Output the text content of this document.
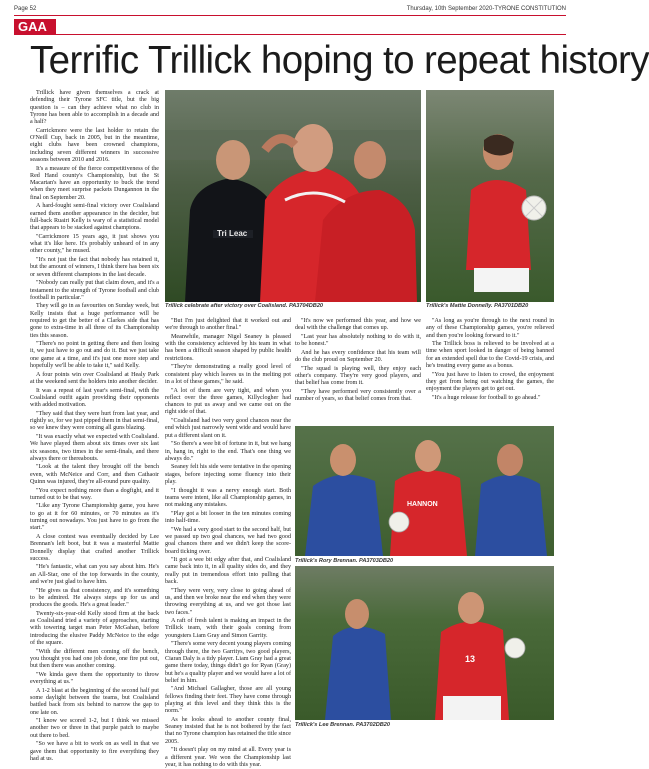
Page 52	Thursday, 10th September 2020-TYRONE CONSTITUTION
GAA
Terrific Trillick hoping to repeat history

Trillick have given themselves a crack at defending their Tyrone SFC title, but the big question is – can they achieve what no club in Tyrone has been able to accomplish in a decade and a half?

Carrickmore were the last holder to retain the O'Neill Cup, back in 2005, but in the meantime, eight clubs have been crowned champions, including seven different winners in successive seasons between 2010 and 2016.

It's a measure of the fierce competitiveness of the Red Hand county's Championship, but the St Macartan's have an opportunity to buck the trend when they meet surprise packets Dungannon in the final on September 20.

A hard-fought semi-final victory over Coalisland earned them another appearance in the decider, but full-back Ruairi Kelly is wary of a statistical model that appears to be stacked against champions.

"Carrickmore 15 years ago, it just shows you what it's like here. It's probably unheard of in any other county," he mused.

"It's not just the fact that nobody has retained it, but the amount of winners, I think there has been six or seven different champions in the last decade.

"Nobody can really put that claim down, and it's a testament to the strength of Tyrone football and club football in particular."

They will go in as favourites on Sunday week, but Kelly insists that a huge performance will be required to get the better of a Clarkes side that has gone to extra-time in all three of its Championship ties this season.

"There's no point in getting there and then losing it, we just have to go out and do it. But we just take one game at a time, and it's just one more step and hopefully we'll be able to take it," said Kelly.

A four points win over Coalisland at Healy Park at the weekend sent the holders into another decider.

It was a repeat of last year's semi-final, with the Coalisland outfit again providing their opponents with added motivation.

"They said that they were hurt from last year, and rightly so, for we just pipped them in that semi-final, so we knew they were coming all guns blazing.

"It was exactly what we expected with Coalisland. We have played them about six times over six last six seasons, two times in the semi-finals, and there always there or thereabouts.

"Look at the talent they brought off the bench even, with McNeice and Corr, and then Cathaoir Quinn was injured, they're all-round pure quality.

"You expect nothing more than a dogfight, and it turned out to be that way.

"Like any Tyrone Championship game, you have to go at it for 60 minutes, or 70 minutes as it's turning out nowadays. You just have to go from the start."

A close contest was eventually decided by Lee Brennan's left boot, but it was a masterful Mattie Donnelly display that crafted another Trillick success.

"He's fantastic, what can you say about him. He's an All-Star, one of the top forwards in the county, and we're just glad to have him.

"He gives us that consistency, and it's something to be admired. He always steps up for us and produces the goods. He's a great leader."

Twenty-six-year-old Kelly stood firm at the back as Coalisland tried a variety of approaches, starting with towering target man Peter McGahan, before introducing the elusive Paddy McNeice to the edge of the square.

"With the different men coming off the bench, you thought you had one job done, one fire put out, but then there was another coming.

"We kinda gave them the opportunity to throw everything at us."

A 1-2 blast at the beginning of the second half put some daylight between the teams, but Coalisland battled back from six behind to narrow the gap to one late on.

"I know we scored 1-2, but I think we missed another two or three in that purple patch to maybe out there to bed.

"So we have a bit to work on as well in that we gave them that opportunity to fire everything they had at us.

Tri Leac
Trillick celebrate after victory over Coalisland. PA3704DB20	Trillick's Mattie Donnelly. PA3701DB20

"But I'm just delighted that it worked out and we're through to another final."

Meanwhile, manager Nigel Seaney is pleased with the consistency achieved by his team in what has been a difficult season shaped by public health restrictions.

"They're demonstrating a really good level of consistent play which leaves us in the melting pot in a lot of these games," he said.

"A lot of them are very tight, and when you reflect over the three games, Killyclogher had chances to put us away and we came out on the right side of that.

"Coalisland had two very good chances near the end which just narrowly went wide and would have put a different slant on it.

"So there's a wee bit of fortune in it, but we hang in, hang in, right to the end. That's one thing we always do."

Seaney felt his side were tentative in the opening stages, before injecting some fluency into their play.

"I thought it was a nervy enough start. Both teams were intent, like all Championship games, in not making any mistakes.

"Play got a bit looser in the ten minutes coming into half-time.

"We had a very good start to the second half, but we passed up two goal chances, we had two good goal chances there and we didn't keep the score-board ticking over.

"It got a wee bit edgy after that, and Coalisland came back into it, in all quality sides do, and they really put in tremendous effort into pulling that back.

"They were very, very close to going ahead of us, and then we broke near the end when they were throwing everything at us, and we got those last two faces."

A raft of fresh talent is making an impact in the Trillick team, with their goals coming from youngsters Liam Gray and Simon Garrity.

"There's some very decent young players coming through there, the two Garritys, two good players, Ciaran Daly is a tidy player. Liam Gray had a great game there today, things didn't go for Ryan (Gray) but he's a quality player and we would have a lot of belief in him.

"And Michael Gallagher, those are all young fellows finding their feet. They have come through playing at this level and they think this is the norm."

As he looks ahead to another county final, Seaney insisted that he is not bothered by the fact that no Tyrone champion has retained the title since 2005.

"It doesn't play on my mind at all. Every year is a different year. We won the Championship last year, it has nothing to do with this year.

"It's now we performed this year, and how we deal with the challenge that comes up.

"Last year has absolutely nothing to do with it, to be honest."

And he has every confidence that his team will do the club proud on September 20.

"The squad is playing well, they enjoy each other's company. They're very good players, and that belief has come from it.

"They have performed very consistently over a number of years, so that belief comes from that.

"As long as you're through to the next round in any of these Championship games, you're relieved and then you're looking forward to it."

The Trillick boss is relieved to be involved at a time when sport looked in danger of being banned for an extended spell due to the Covid-19 crisis, and he's treating every game as a bonus.

"You just have to listen to crowd, the enjoyment they get from being out watching the games, the enjoyment the players get to get out.

"It's a huge release for football to go ahead."

HANNON
Trillick's Rory Brennan. PA3703DB20
13
Trillick's Lee Brennan. PA3702DB20
